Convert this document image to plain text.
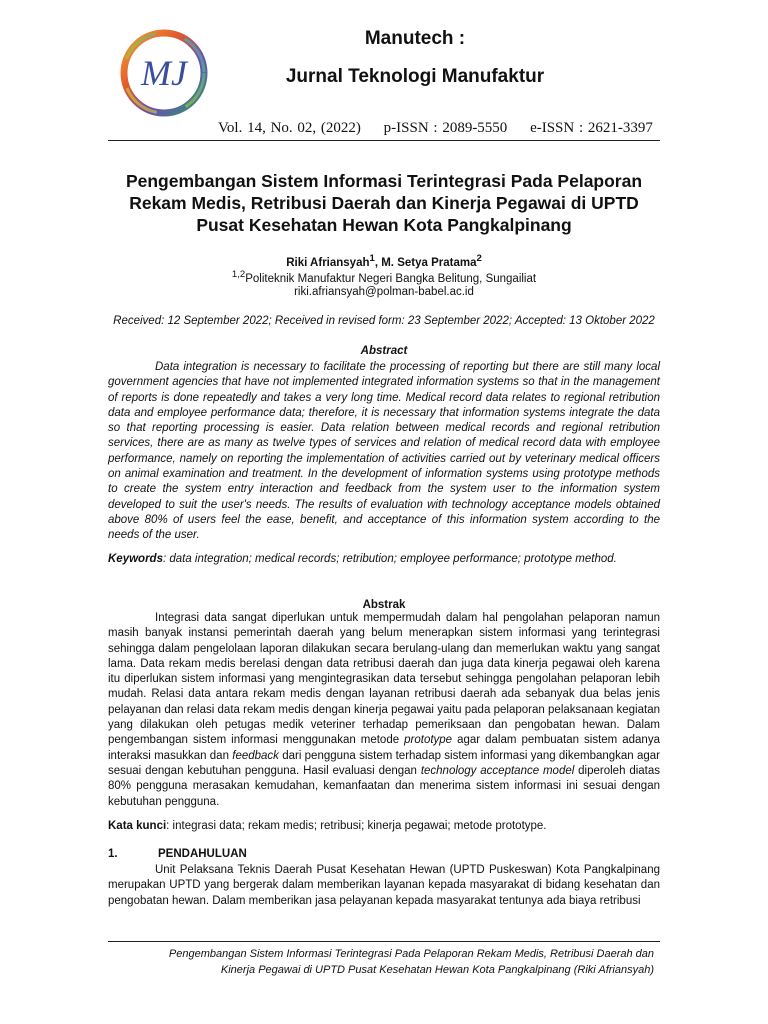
MJ
Manutech :
Jurnal Teknologi Manufaktur
Vol. 14, No. 02, (2022) p-ISSN : 2089-5550 e-ISSN : 2621-3397
Pengembangan Sistem Informasi Terintegrasi Pada Pelaporan Rekam Medis, Retribusi Daerah dan Kinerja Pegawai di UPTD Pusat Kesehatan Hewan Kota Pangkalpinang
Riki Afriansyah$^1$, M. Setya Pratama$^2$
$^{1,2}$Politeknik Manufaktur Negeri Bangka Belitung, Sungailiat
riki.afriansyah@polman-babel.ac.id
Received: 12 September 2022; Received in revised form: 23 September 2022; Accepted: 13 Oktober 2022
Abstract
Data integration is necessary to facilitate the processing of reporting but there are still many local government agencies that have not implemented integrated information systems so that in the management of reports is done repeatedly and takes a very long time. Medical record data relates to regional retribution data and employee performance data; therefore, it is necessary that information systems integrate the data so that reporting processing is easier. Data relation between medical records and regional retribution services, there are as many as twelve types of services and relation of medical record data with employee performance, namely on reporting the implementation of activities carried out by veterinary medical officers on animal examination and treatment. In the development of information systems using prototype methods to create the system entry interaction and feedback from the system user to the information system developed to suit the user's needs. The results of evaluation with technology acceptance models obtained above 80% of users feel the ease, benefit, and acceptance of this information system according to the needs of the user.
Keywords: data integration; medical records; retribution; employee performance; prototype method.
Abstrak
Integrasi data sangat diperlukan untuk mempermudah dalam hal pengolahan pelaporan namun masih banyak instansi pemerintah daerah yang belum menerapkan sistem informasi yang terintegrasi sehingga dalam pengelolaan laporan dilakukan secara berulang-ulang dan memerlukan waktu yang sangat lama. Data rekam medis berelasi dengan data retribusi daerah dan juga data kinerja pegawai oleh karena itu diperlukan sistem informasi yang mengintegrasikan data tersebut sehingga pengolahan pelaporan lebih mudah. Relasi data antara rekam medis dengan layanan retribusi daerah ada sebanyak dua belas jenis pelayanan dan relasi data rekam medis dengan kinerja pegawai yaitu pada pelaporan pelaksanaan kegiatan yang dilakukan oleh petugas medik veteriner terhadap pemeriksaan dan pengobatan hewan. Dalam pengembangan sistem informasi menggunakan metode prototype agar dalam pembuatan sistem adanya interaksi masukkan dan feedback dari pengguna sistem terhadap sistem informasi yang dikembangkan agar sesuai dengan kebutuhan pengguna. Hasil evaluasi dengan technology acceptance model diperoleh diatas 80% pengguna merasakan kemudahan, kemanfaatan dan menerima sistem informasi ini sesuai dengan kebutuhan pengguna.
Kata kunci: integrasi data; rekam medis; retribusi; kinerja pegawai; metode prototype.
1.	PENDAHULUAN
Unit Pelaksana Teknis Daerah Pusat Kesehatan Hewan (UPTD Puskeswan) Kota Pangkalpinang merupakan UPTD yang bergerak dalam memberikan layanan kepada masyarakat di bidang kesehatan dan pengobatan hewan. Dalam memberikan jasa pelayanan kepada masyarakat tentunya ada biaya retribusi
Pengembangan Sistem Informasi Terintegrasi Pada Pelaporan Rekam Medis, Retribusi Daerah dan
Kinerja Pegawai di UPTD Pusat Kesehatan Hewan Kota Pangkalpinang (Riki Afriansyah)
